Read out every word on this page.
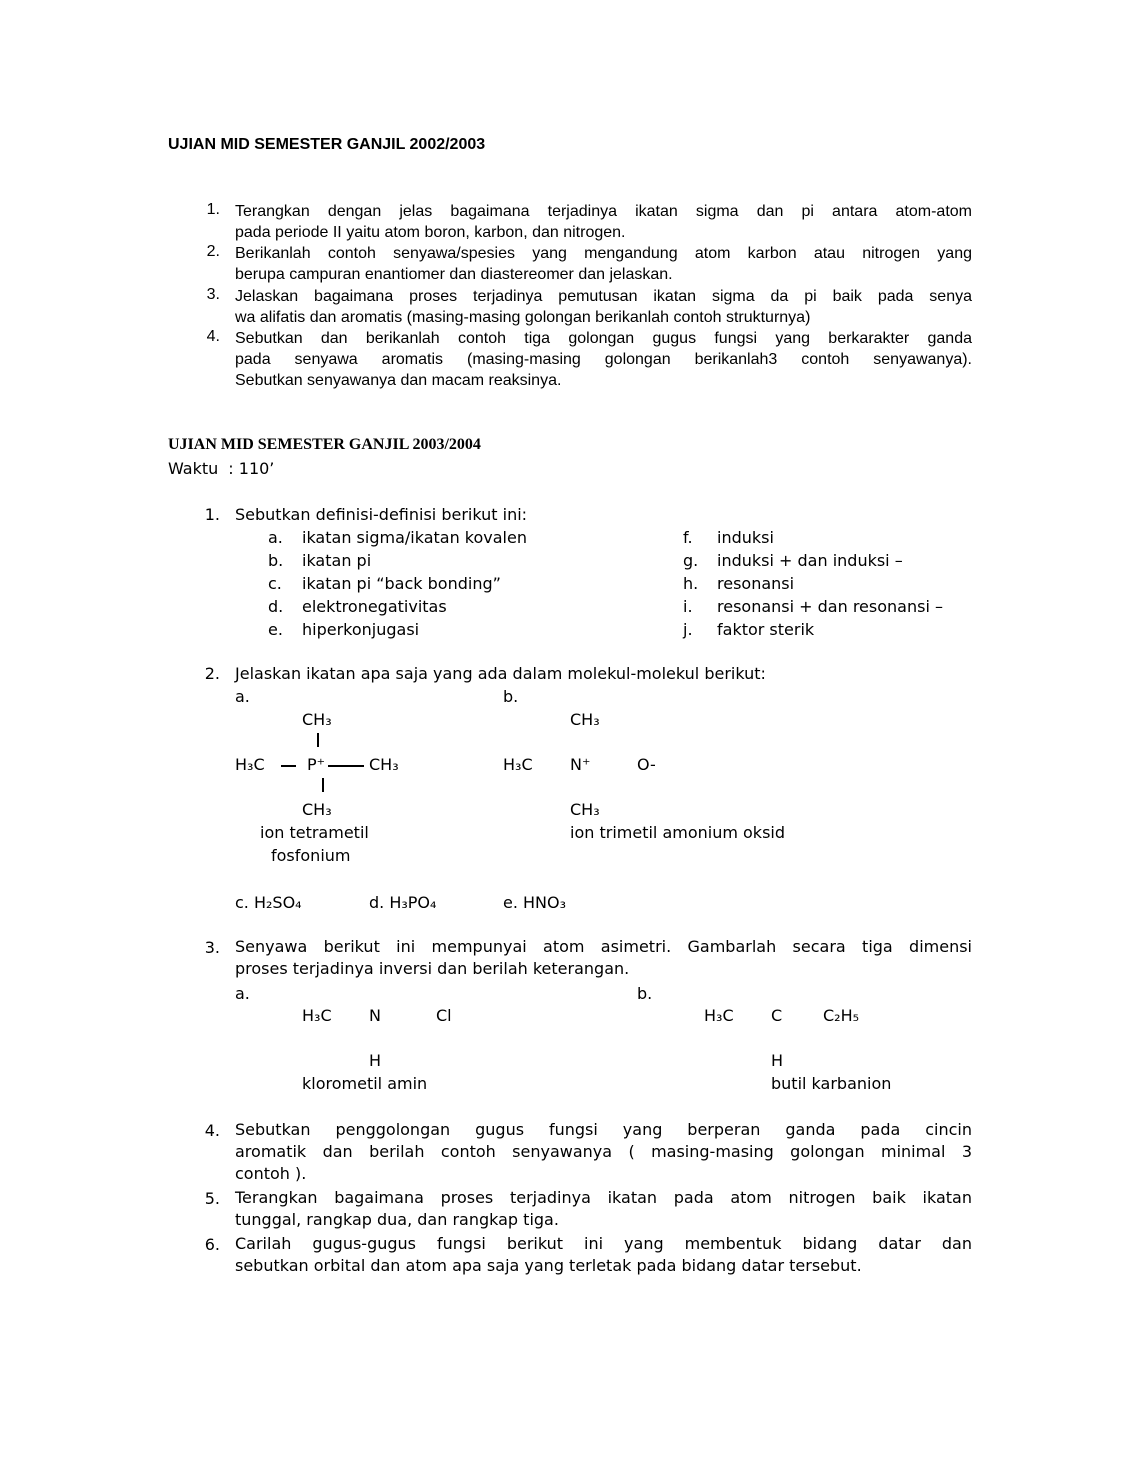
UJIAN MID SEMESTER GANJIL 2002/2003
1. Terangkan dengan jelas bagaimana terjadinya ikatan sigma dan pi antara atom-atom
pada periode II yaitu atom boron, karbon, dan nitrogen.
2. Berikanlah contoh senyawa/spesies yang mengandung atom karbon atau nitrogen yang
berupa campuran enantiomer dan diastereomer dan jelaskan.
3. Jelaskan bagaimana proses terjadinya pemutusan ikatan sigma da pi baik pada senya
wa alifatis dan aromatis (masing-masing golongan berikanlah contoh strukturnya)
4. Sebutkan dan berikanlah contoh tiga golongan gugus fungsi yang berkarakter ganda
pada senyawa aromatis (masing-masing golongan berikanlah3 contoh senyawanya).
Sebutkan senyawanya dan macam reaksinya.
UJIAN MID SEMESTER GANJIL 2003/2004
Waktu : 110’
1. Sebutkan definisi-definisi berikut ini:
a.	ikatan sigma/ikatan kovalen
b. ikatan pi
c.	ikatan pi “back bonding”
d. elektronegativitas
e.	hiperkonjugasi
f.	induksi
g. induksi + dan induksi –
h. resonansi
i.	resonansi + dan resonansi –
j.	faktor sterik
2. Jelaskan ikatan apa saja yang ada dalam molekul-molekul berikut:
a.	b.
CH₃
H₃C	P⁺	CH₃
CH₃
ion tetrametil
fosfonium
CH₃
H₃C N⁺	O-
CH₃
ion trimetil amonium oksid
c. H₂SO₄	d. H₃PO₄	e. HNO₃
3. Senyawa berikut ini mempunyai atom asimetri. Gambarlah secara tiga dimensi
proses terjadinya inversi dan berilah keterangan.
a.	b.
H₃C N	Cl
H
klorometil amin
H₃C C	C₂H₅
H
butil karbanion
4. Sebutkan penggolongan gugus fungsi yang berperan ganda pada cincin
aromatik dan berilah contoh senyawanya ( masing-masing golongan minimal 3
contoh ).
5. Terangkan bagaimana proses terjadinya ikatan pada atom nitrogen baik ikatan
tunggal, rangkap dua, dan rangkap tiga.
6. Carilah gugus-gugus fungsi berikut ini yang membentuk bidang datar dan
sebutkan orbital dan atom apa saja yang terletak pada bidang datar tersebut.
